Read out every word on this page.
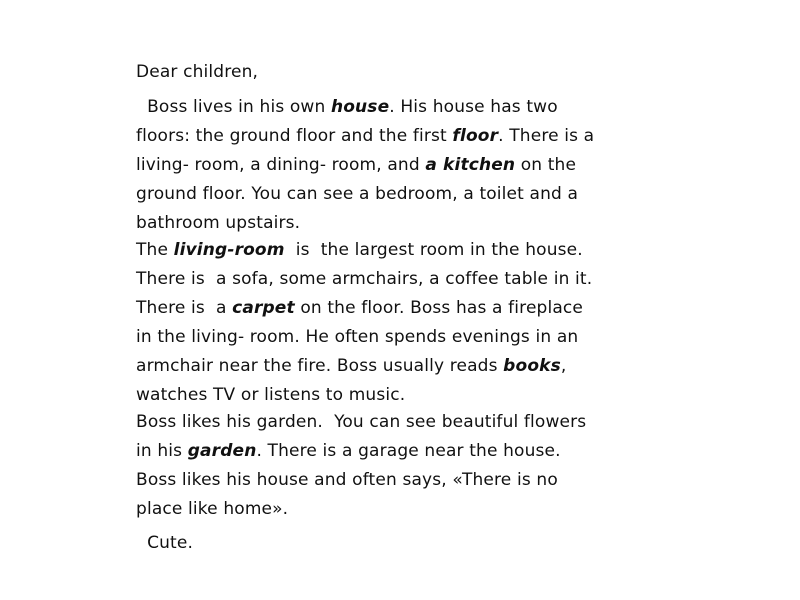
Dear children,
Boss lives in his own house. His house has two
floors: the ground floor and the first floor. There is a
living- room, a dining- room, and a kitchen on the
ground floor. You can see a bedroom, a toilet and a
bathroom upstairs.
The living-room  is  the largest room in the house.
There is  a sofa, some armchairs, a coffee table in it.
There is  a carpet on the floor. Boss has a fireplace
in the living- room. He often spends evenings in an
armchair near the fire. Boss usually reads books,
watches TV or listens to music.
Boss likes his garden.  You can see beautiful flowers
in his garden. There is a garage near the house.
Boss likes his house and often says, «There is no
place like home».
Cute.
